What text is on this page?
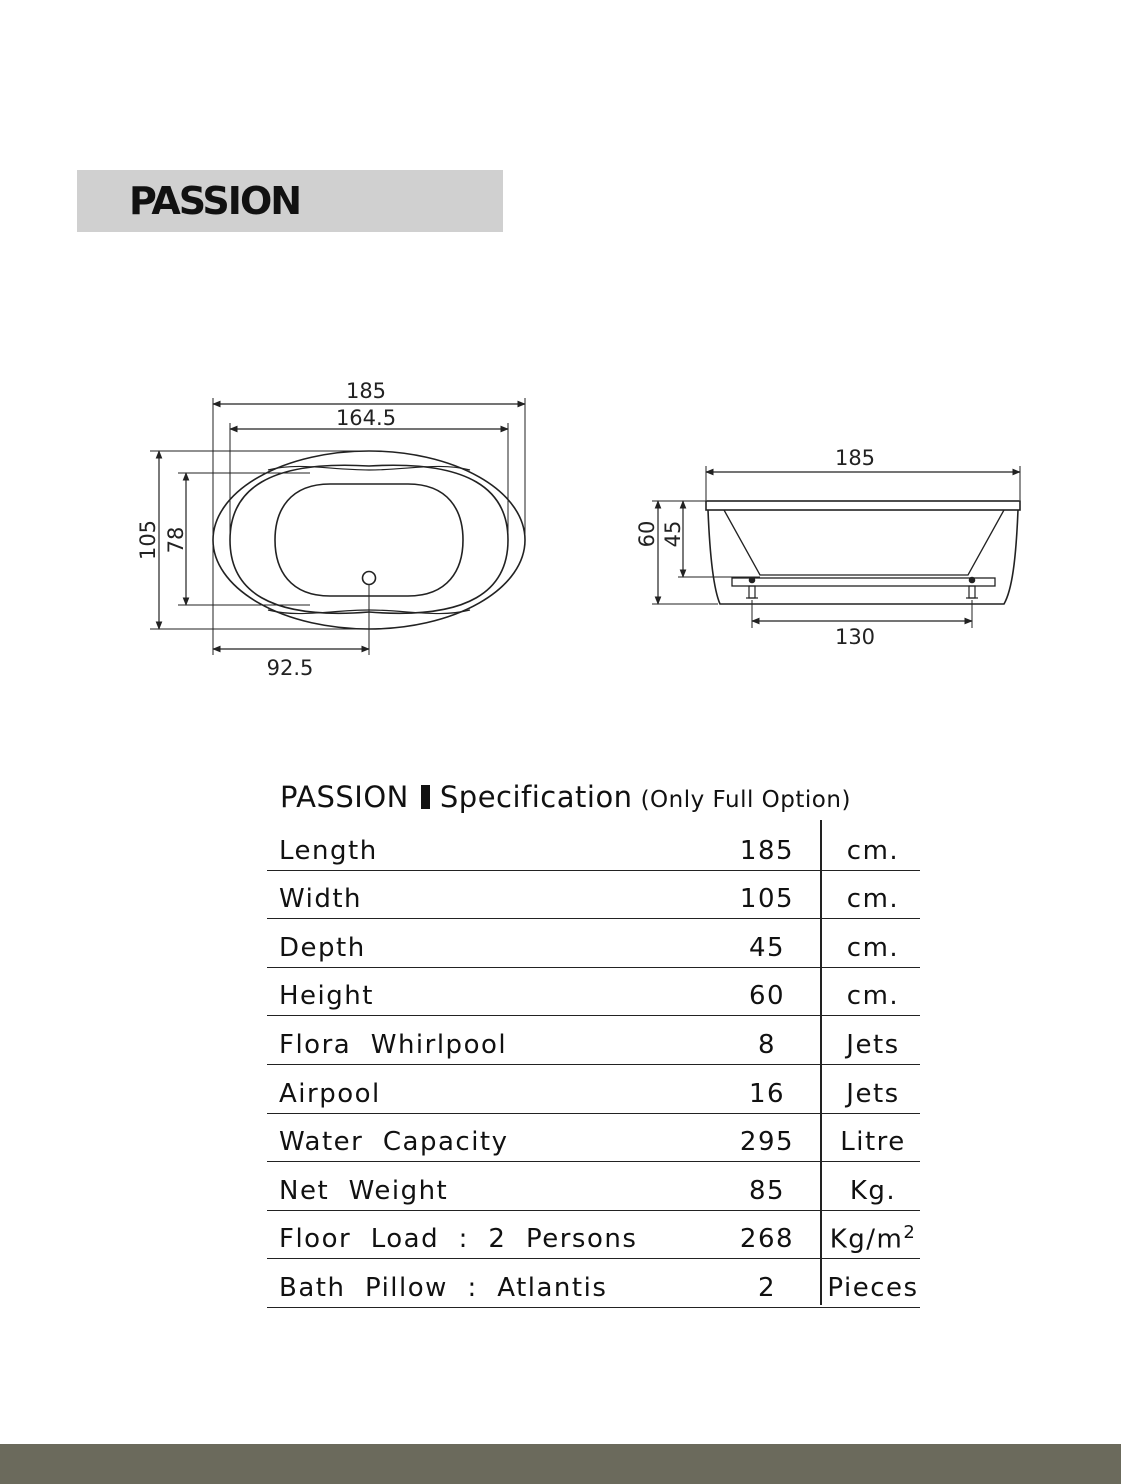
PASSION
185
164.5
105 78
92.5
185
60 45
130
PASSION Specification (Only Full Option)
Length	185	cm.
Width	105	cm.
Depth	45	cm.
Height	60	cm.
Flora  Whirlpool	8	Jets
Airpool	16	Jets
Water  Capacity	295	Litre
Net  Weight	85	Kg.
Floor  Load  :  2  Persons	268	$Kg/m^2$
Bath  Pillow  :  Atlantis	2	Pieces
